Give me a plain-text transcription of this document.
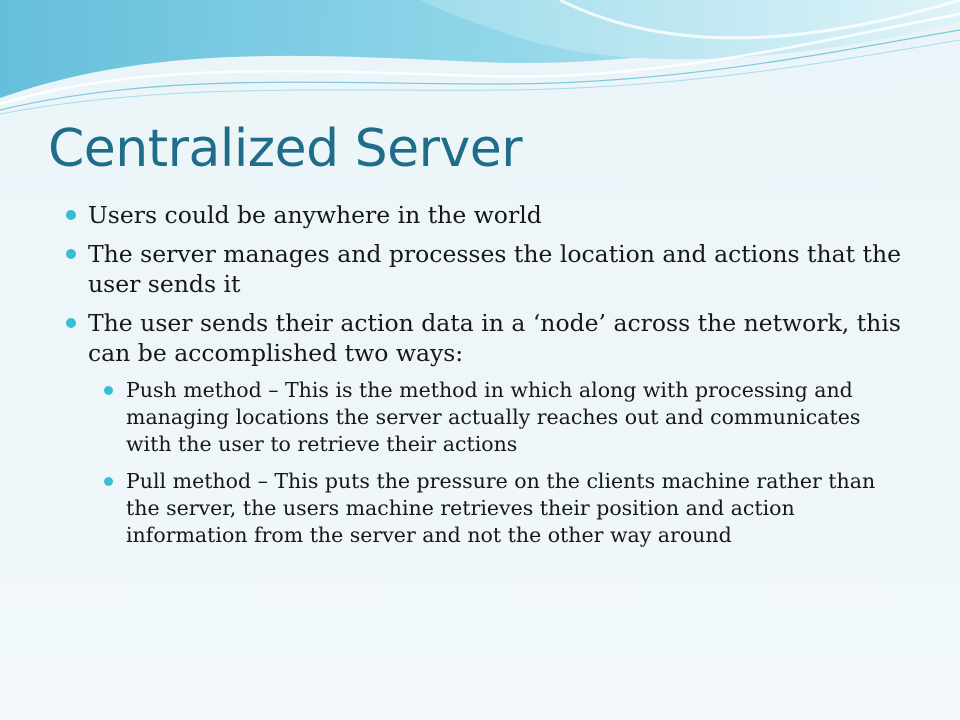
Centralized Server
Users could be anywhere in the world
The server manages and processes the location and actions that the user sends it
The user sends their action data in a ‘node’ across the network, this can be accomplished two ways:
Push method – This is the method in which along with processing and managing locations the server actually reaches out and communicates with the user to retrieve their actions
Pull method – This puts the pressure on the clients machine rather than the server, the users machine retrieves their position and action information from the server and not the other way around
